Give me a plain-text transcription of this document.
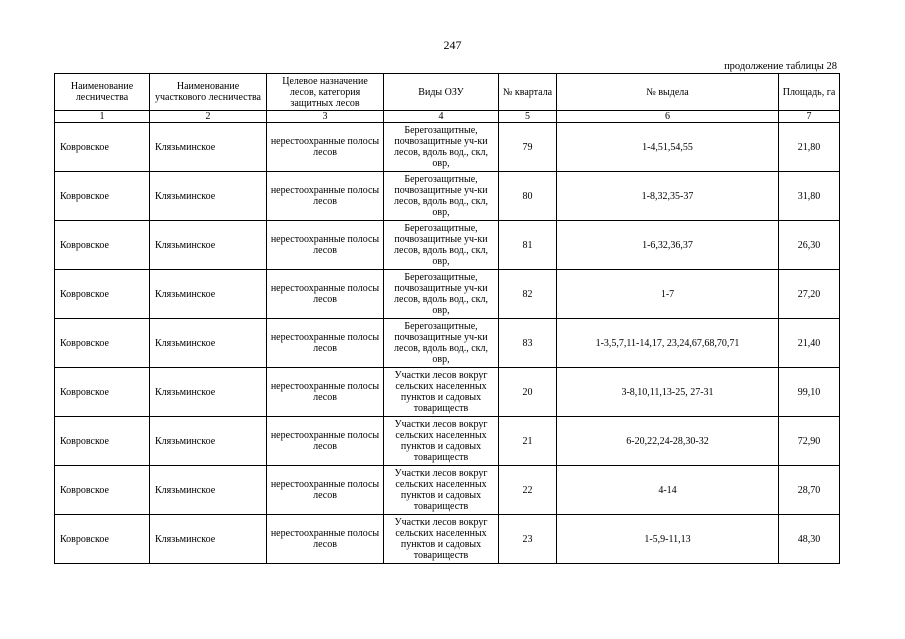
247
продолжение таблицы 28
Наименование лесничества	Наименование участкового лесничества	Целевое назначение лесов, категория защитных лесов	Виды ОЗУ	№ квартала	№ выдела	Площадь, га
1	2	3	4	5	6	7
Ковровское	Клязьминское	нерестоохранные полосы лесов	Берегозащитные, почвозащитные уч-ки лесов, вдоль вод., скл, овр,	79	1-4,51,54,55	21,80
Ковровское	Клязьминское	нерестоохранные полосы лесов	Берегозащитные, почвозащитные уч-ки лесов, вдоль вод., скл, овр,	80	1-8,32,35-37	31,80
Ковровское	Клязьминское	нерестоохранные полосы лесов	Берегозащитные, почвозащитные уч-ки лесов, вдоль вод., скл, овр,	81	1-6,32,36,37	26,30
Ковровское	Клязьминское	нерестоохранные полосы лесов	Берегозащитные, почвозащитные уч-ки лесов, вдоль вод., скл, овр,	82	1-7	27,20
Ковровское	Клязьминское	нерестоохранные полосы лесов	Берегозащитные, почвозащитные уч-ки лесов, вдоль вод., скл, овр,	83	1-3,5,7,11-14,17, 23,24,67,68,70,71	21,40
Ковровское	Клязьминское	нерестоохранные полосы лесов	Участки лесов вокруг сельских населенных пунктов и садовых товариществ	20	3-8,10,11,13-25, 27-31	99,10
Ковровское	Клязьминское	нерестоохранные полосы лесов	Участки лесов вокруг сельских населенных пунктов и садовых товариществ	21	6-20,22,24-28,30-32	72,90
Ковровское	Клязьминское	нерестоохранные полосы лесов	Участки лесов вокруг сельских населенных пунктов и садовых товариществ	22	4-14	28,70
Ковровское	Клязьминское	нерестоохранные полосы лесов	Участки лесов вокруг сельских населенных пунктов и садовых товариществ	23	1-5,9-11,13	48,30
